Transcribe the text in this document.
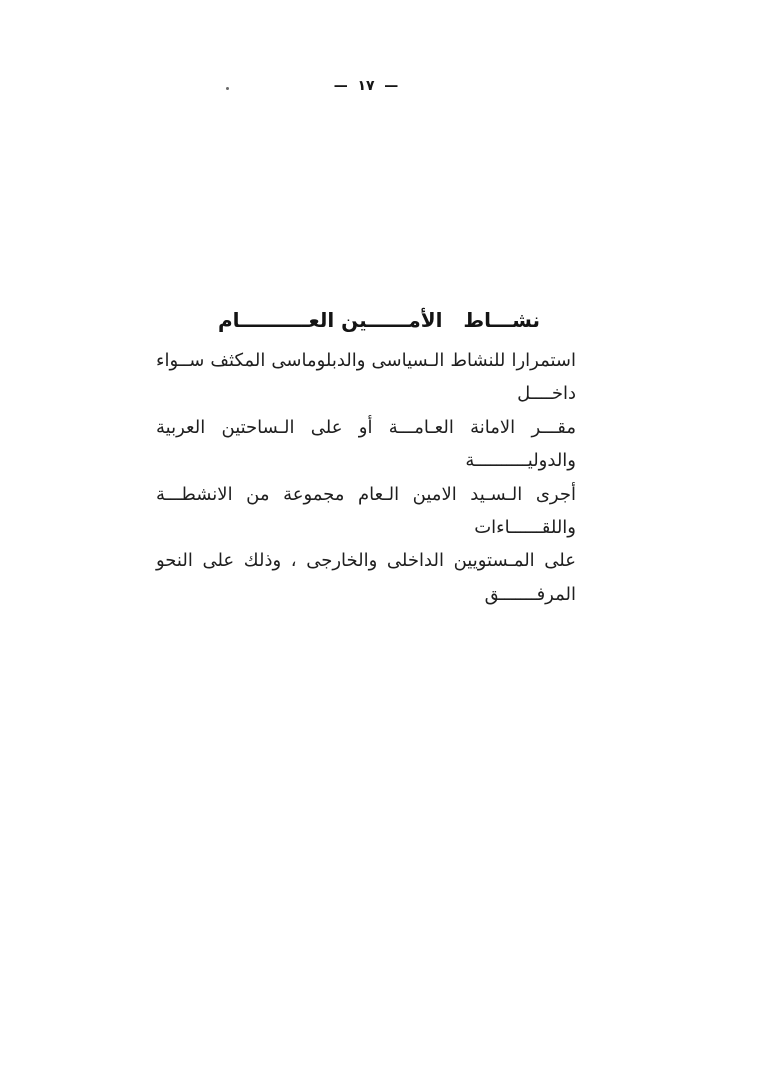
—  ١٧  —
نشـــاط   الأمــــــين العــــــــــام

استمرارا للنشاط الـسياسى والدبلوماسى المكثف ســواء داخــــل

مقـــر الامانة العـامـــة أو على الـساحتين العربية والدوليــــــــــة

أجرى الـسـيد الامين الـعام مجموعة من الانشطـــة واللقــــــاءات

على المـستويين الداخلى والخارجى ، وذلك على النحو المرفـــــــق
